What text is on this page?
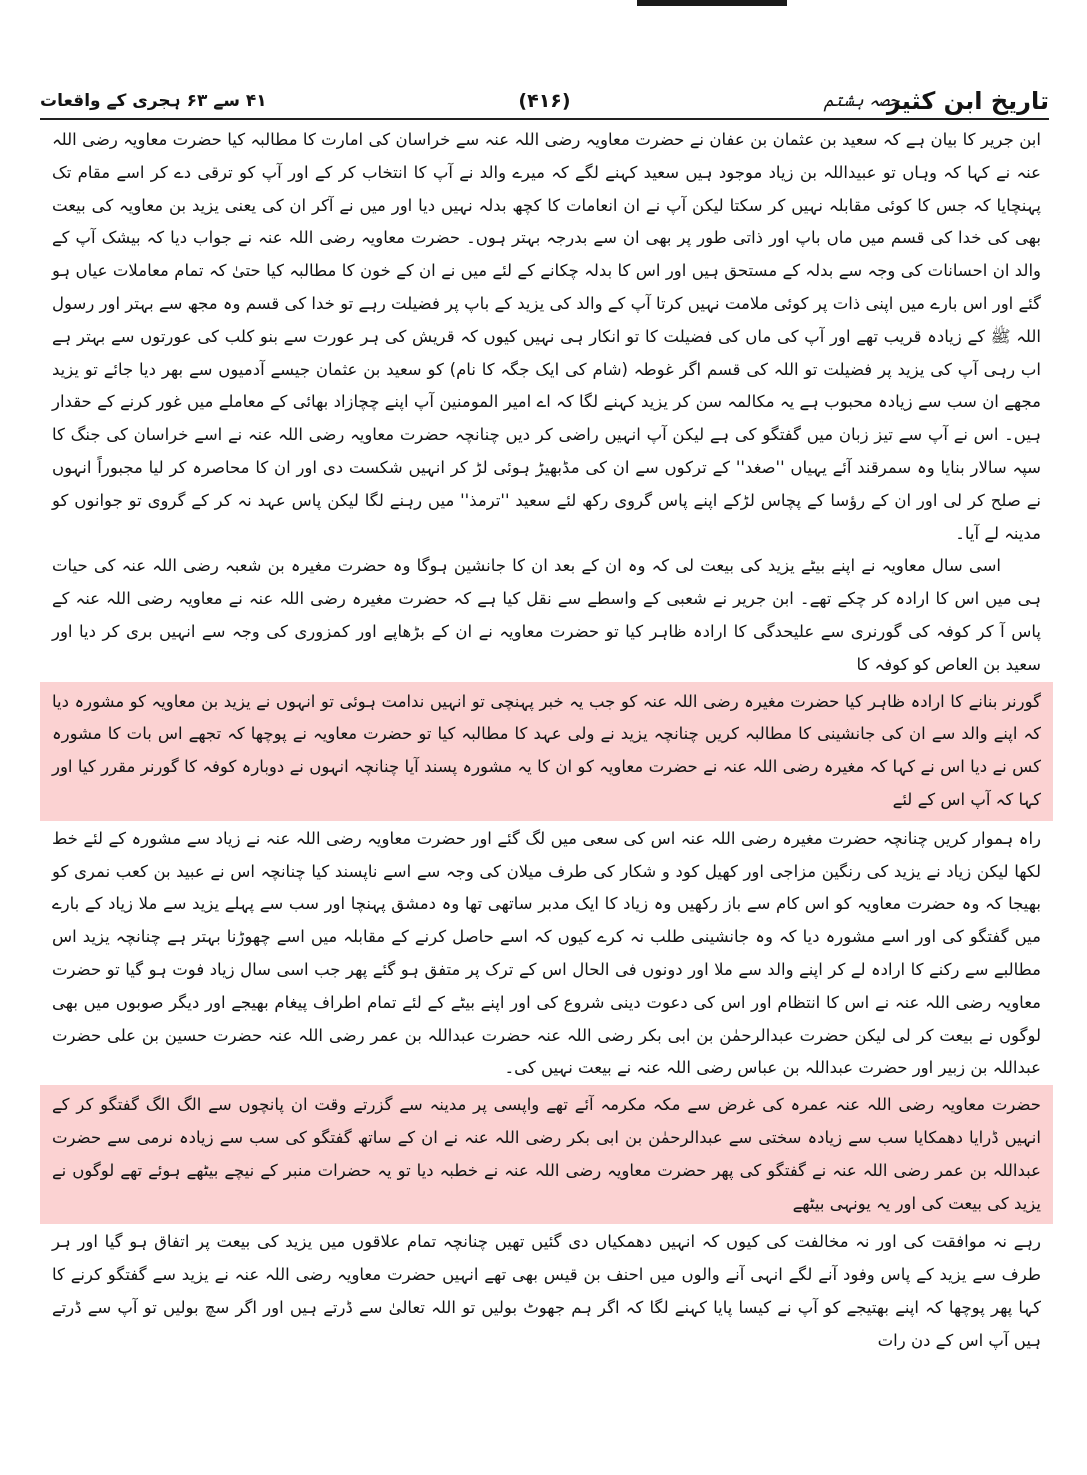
تاریخ ابن کثیر
حصہ ہشتم
(۴۱۶)
۴۱ سے ۶۳ ہجری کے واقعات

ابن جریر کا بیان ہے کہ سعید بن عثمان بن عفان نے حضرت معاویہ رضی اللہ عنہ سے خراسان کی امارت کا مطالبہ کیا حضرت معاویہ رضی اللہ عنہ نے کہا کہ وہاں تو عبیداللہ بن زیاد موجود ہیں سعید کہنے لگے کہ میرے والد نے آپ کا انتخاب کر کے اور آپ کو ترقی دے کر اسے مقام تک پہنچایا کہ جس کا کوئی مقابلہ نہیں کر سکتا لیکن آپ نے ان انعامات کا کچھ بدلہ نہیں دیا اور میں نے آکر ان کی یعنی یزید بن معاویہ کی بیعت بھی کی خدا کی قسم میں ماں باپ اور ذاتی طور پر بھی ان سے بدرجہ بہتر ہوں۔ حضرت معاویہ رضی اللہ عنہ نے جواب دیا کہ بیشک آپ کے والد ان احسانات کی وجہ سے بدلہ کے مستحق ہیں اور اس کا بدلہ چکانے کے لئے میں نے ان کے خون کا مطالبہ کیا حتیٰ کہ تمام معاملات عیاں ہو گئے اور اس بارے میں اپنی ذات پر کوئی ملامت نہیں کرتا آپ کے والد کی یزید کے باپ پر فضیلت رہے تو خدا کی قسم وہ مجھ سے بہتر اور رسول اللہ ﷺ کے زیادہ قریب تھے اور آپ کی ماں کی فضیلت کا تو انکار ہی نہیں کیوں کہ قریش کی ہر عورت سے بنو کلب کی عورتوں سے بہتر ہے اب رہی آپ کی یزید پر فضیلت تو اللہ کی قسم اگر غوطہ (شام کی ایک جگہ کا نام) کو سعید بن عثمان جیسے آدمیوں سے بھر دیا جائے تو یزید مجھے ان سب سے زیادہ محبوب ہے یہ مکالمہ سن کر یزید کہنے لگا کہ اے امیر المومنین آپ اپنے چچازاد بھائی کے معاملے میں غور کرنے کے حقدار ہیں۔ اس نے آپ سے تیز زبان میں گفتگو کی ہے لیکن آپ انہیں راضی کر دیں چنانچہ حضرت معاویہ رضی اللہ عنہ نے اسے خراسان کی جنگ کا سپہ سالار بنایا وہ سمرقند آئے یہیاں ''صغد'' کے ترکوں سے ان کی مڈبھیڑ ہوئی لڑ کر انہیں شکست دی اور ان کا محاصرہ کر لیا مجبوراً انہوں نے صلح کر لی اور ان کے رؤسا کے پچاس لڑکے اپنے پاس گروی رکھ لئے سعید ''ترمذ'' میں رہنے لگا لیکن پاس عہد نہ کر کے گروی تو جوانوں کو مدینہ لے آیا۔

اسی سال معاویہ نے اپنے بیٹے یزید کی بیعت لی کہ وہ ان کے بعد ان کا جانشین ہوگا وہ حضرت مغیرہ بن شعبہ رضی اللہ عنہ کی حیات ہی میں اس کا ارادہ کر چکے تھے۔ ابن جریر نے شعبی کے واسطے سے نقل کیا ہے کہ حضرت مغیرہ رضی اللہ عنہ نے معاویہ رضی اللہ عنہ کے پاس آ کر کوفہ کی گورنری سے علیحدگی کا ارادہ ظاہر کیا تو حضرت معاویہ نے ان کے بڑھاپے اور کمزوری کی وجہ سے انہیں بری کر دیا اور سعید بن العاص کو کوفہ کا

گورنر بنانے کا ارادہ ظاہر کیا حضرت مغیرہ رضی اللہ عنہ کو جب یہ خبر پہنچی تو انہیں ندامت ہوئی تو انہوں نے یزید بن معاویہ کو مشورہ دیا کہ اپنے والد سے ان کی جانشینی کا مطالبہ کریں چنانچہ یزید نے ولی عہد کا مطالبہ کیا تو حضرت معاویہ نے پوچھا کہ تجھے اس بات کا مشورہ کس نے دیا اس نے کہا کہ مغیرہ رضی اللہ عنہ نے حضرت معاویہ کو ان کا یہ مشورہ پسند آیا چنانچہ انہوں نے دوبارہ کوفہ کا گورنر مقرر کیا اور کہا کہ آپ اس کے لئے

راہ ہموار کریں چنانچہ حضرت مغیرہ رضی اللہ عنہ اس کی سعی میں لگ گئے اور حضرت معاویہ رضی اللہ عنہ نے زیاد سے مشورہ کے لئے خط لکھا لیکن زیاد نے یزید کی رنگین مزاجی اور کھیل کود و شکار کی طرف میلان کی وجہ سے اسے ناپسند کیا چنانچہ اس نے عبید بن کعب نمری کو بھیجا کہ وہ حضرت معاویہ کو اس کام سے باز رکھیں وہ زیاد کا ایک مدبر ساتھی تھا وہ دمشق پہنچا اور سب سے پہلے یزید سے ملا زیاد کے بارے میں گفتگو کی اور اسے مشورہ دیا کہ وہ جانشینی طلب نہ کرے کیوں کہ اسے حاصل کرنے کے مقابلہ میں اسے چھوڑنا بہتر ہے چنانچہ یزید اس مطالبے سے رکنے کا ارادہ لے کر اپنے والد سے ملا اور دونوں فی الحال اس کے ترک پر متفق ہو گئے پھر جب اسی سال زیاد فوت ہو گیا تو حضرت معاویہ رضی اللہ عنہ نے اس کا انتظام اور اس کی دعوت دینی شروع کی اور اپنے بیٹے کے لئے تمام اطراف پیغام بھیجے اور دیگر صوبوں میں بھی لوگوں نے بیعت کر لی لیکن حضرت عبدالرحمٰن بن ابی بکر رضی اللہ عنہ حضرت عبداللہ بن عمر رضی اللہ عنہ حضرت حسین بن علی حضرت عبداللہ بن زبیر اور حضرت عبداللہ بن عباس رضی اللہ عنہ نے بیعت نہیں کی۔

حضرت معاویہ رضی اللہ عنہ عمرہ کی غرض سے مکہ مکرمہ آئے تھے واپسی پر مدینہ سے گزرتے وقت ان پانچوں سے الگ الگ گفتگو کر کے انہیں ڈرایا دھمکایا سب سے زیادہ سختی سے عبدالرحمٰن بن ابی بکر رضی اللہ عنہ نے ان کے ساتھ گفتگو کی سب سے زیادہ نرمی سے حضرت عبداللہ بن عمر رضی اللہ عنہ نے گفتگو کی پھر حضرت معاویہ رضی اللہ عنہ نے خطبہ دیا تو یہ حضرات منبر کے نیچے بیٹھے ہوئے تھے لوگوں نے یزید کی بیعت کی اور یہ یونہی بیٹھے

رہے نہ موافقت کی اور نہ مخالفت کی کیوں کہ انہیں دھمکیاں دی گئیں تھیں چنانچہ تمام علاقوں میں یزید کی بیعت پر اتفاق ہو گیا اور ہر طرف سے یزید کے پاس وفود آنے لگے انہی آنے والوں میں احنف بن قیس بھی تھے انہیں حضرت معاویہ رضی اللہ عنہ نے یزید سے گفتگو کرنے کا کہا پھر پوچھا کہ اپنے بھتیجے کو آپ نے کیسا پایا کہنے لگا کہ اگر ہم جھوٹ بولیں تو اللہ تعالیٰ سے ڈرتے ہیں اور اگر سچ بولیں تو آپ سے ڈرتے ہیں آپ اس کے دن رات
